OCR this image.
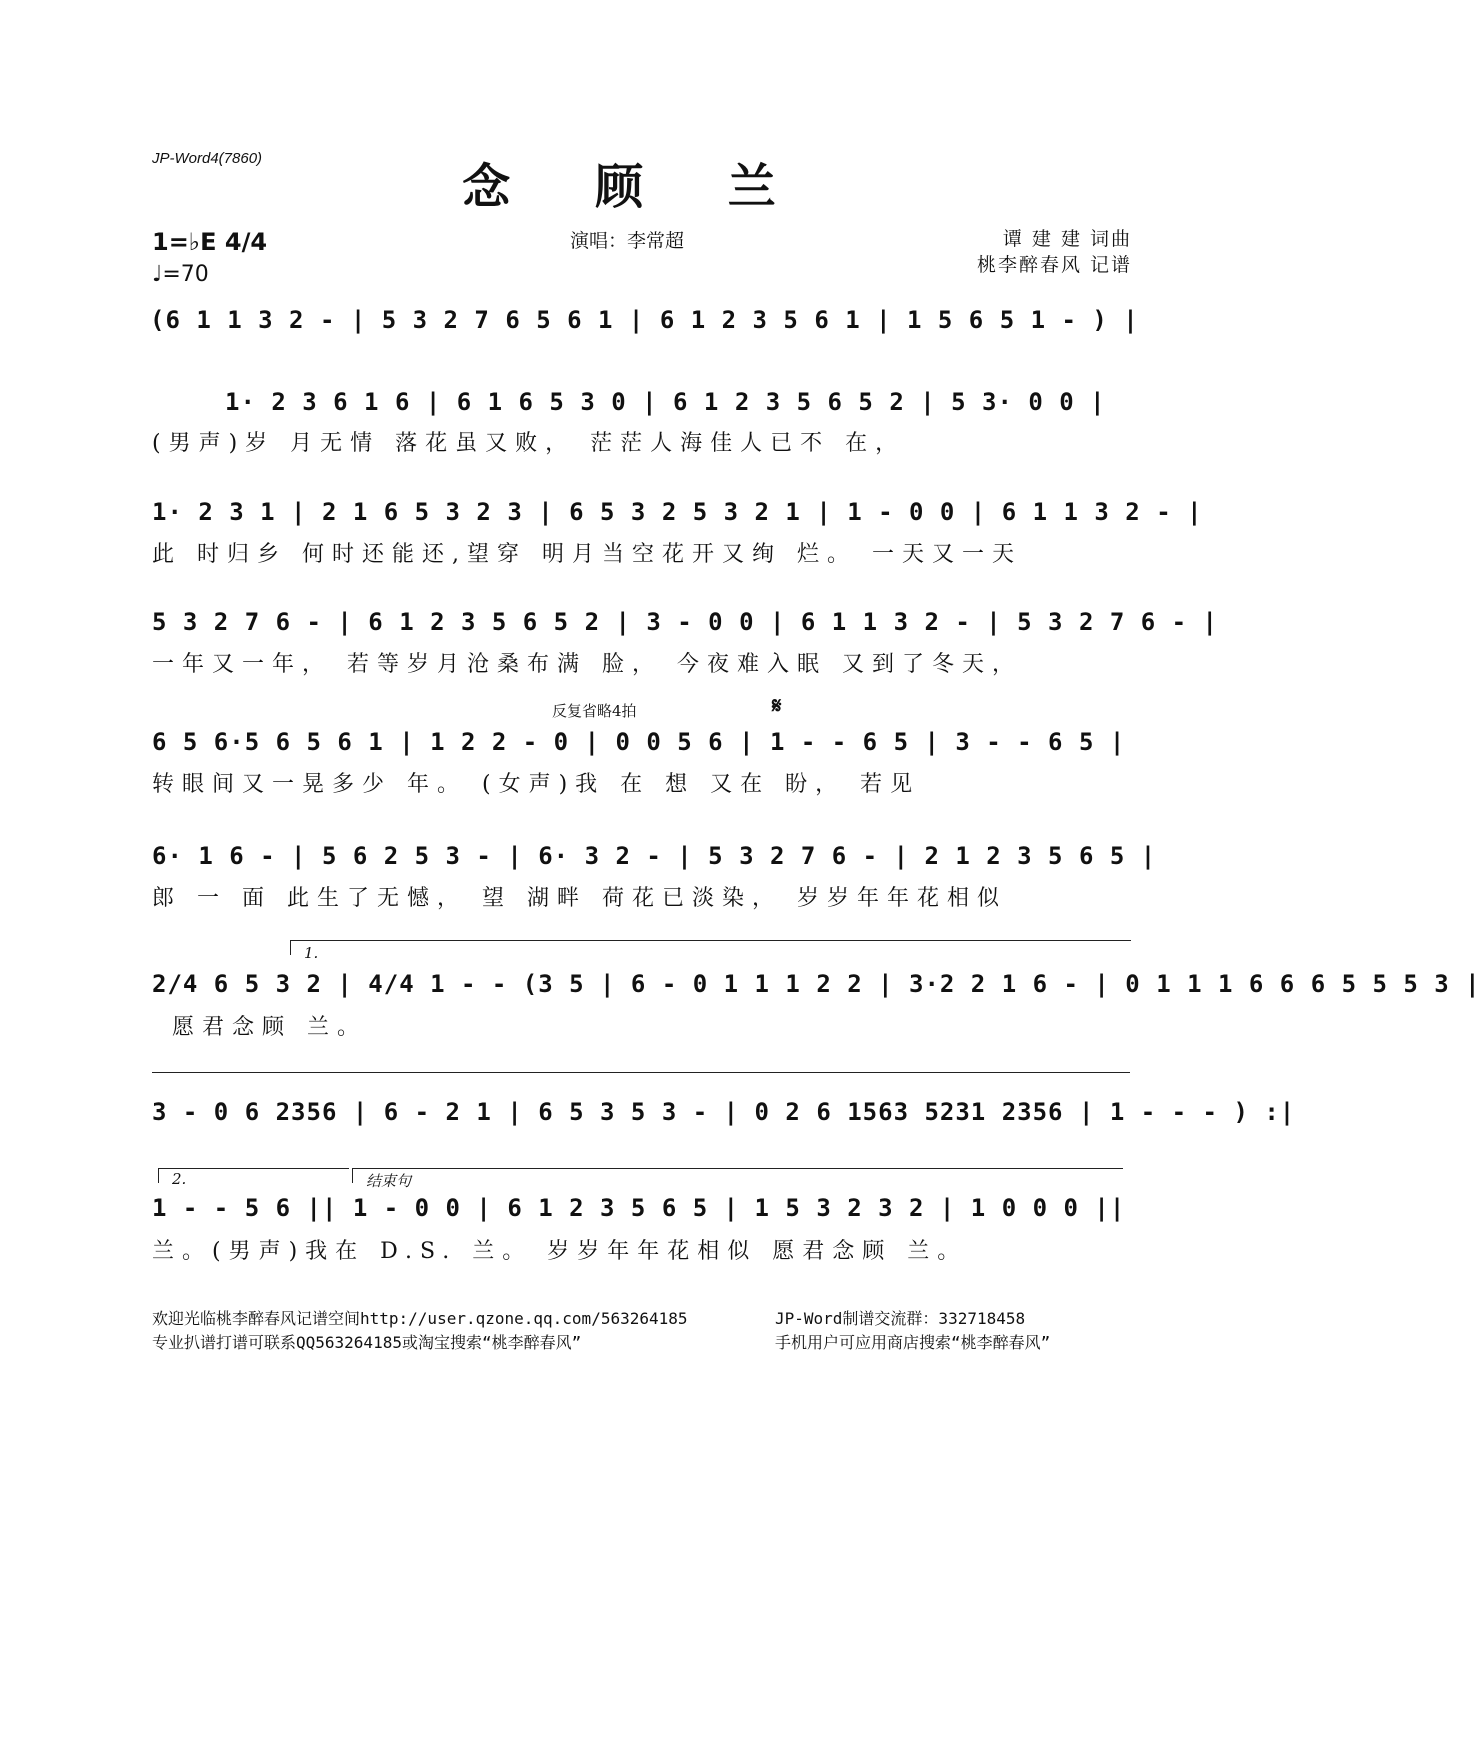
JP-Word4(7860)
念 顾 兰
1=♭E 4/4
♩=70
演唱：李常超	谭 建 建 词曲
桃李醉春风 记谱
(6 1 1 3 2 - | 5 3 2 7 6 5 6 1 | 6 1 2 3 5 6 1 | 1 5 6 5 1 - ) |
1· 2 3 6 1 6 | 6 1 6 5 3 0 | 6 1 2 3 5 6 5 2 | 5 3· 0 0 |
(男声)岁 月无情 落花虽又败， 茫茫人海佳人已不 在，
1· 2 3 1 | 2 1 6 5 3 2 3 | 6 5 3 2 5 3 2 1 | 1 - 0 0 | 6 1 1 3 2 - |
此 时归乡 何时还能还,望穿 明月当空花开又绚 烂。 一天又一天
5 3 2 7 6 - | 6 1 2 3 5 6 5 2 | 3 - 0 0 | 6 1 1 3 2 - | 5 3 2 7 6 - |
一年又一年， 若等岁月沧桑布满 脸， 今夜难入眠 又到了冬天，
反复省略4拍	𝄋
6 5 6·5 6 5 6 1 | 1 2 2 - 0 | 0 0 5 6 | 1 - - 6 5 | 3 - - 6 5 |
转眼间又一晃多少 年。 (女声)我 在 想 又在 盼， 若见
6· 1 6 - | 5 6 2 5 3 - | 6· 3 2 - | 5 3 2 7 6 - | 2 1 2 3 5 6 5 |
郎 一 面 此生了无憾， 望 湖畔 荷花已淡染， 岁岁年年花相似
1.
2/4 6 5 3 2 | 4/4 1 - - (3 5 | 6 - 0 1 1 1 2 2 | 3·2 2 1 6 - | 0 1 1 1 6 6 6 5 5 5 3 |
愿君念顾 兰。
3 - 0 6 2356 | 6 - 2 1 | 6 5 3 5 3 - | 0 2 6 1563 5231 2356 | 1 - - - ) :|
2.	结束句
1 - - 5 6 || 1 - 0 0 | 6 1 2 3 5 6 5 | 1 5 3 2 3 2 | 1 0 0 0 ||
兰。(男声)我在 D.S. 兰。 岁岁年年花相似 愿君念顾 兰。
欢迎光临桃李醉春风记谱空间http://user.qzone.qq.com/563264185	JP-Word制谱交流群：332718458
专业扒谱打谱可联系QQ563264185或淘宝搜索“桃李醉春风”	手机用户可应用商店搜索“桃李醉春风”
